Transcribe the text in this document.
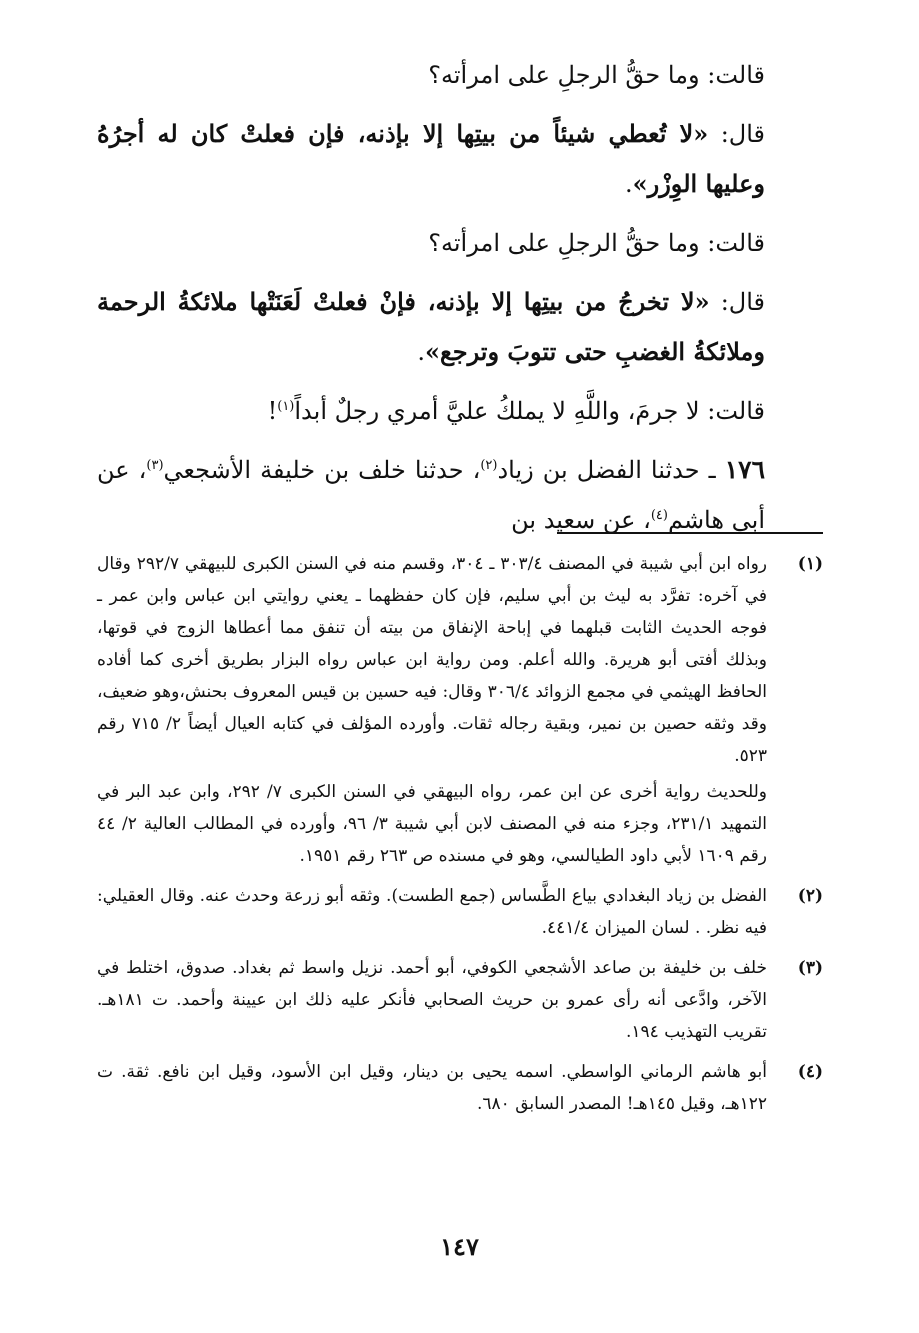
قالت: وما حقُّ الرجلِ على امرأته؟

قال: «لا تُعطي شيئاً من بيتِها إلا بإذنه، فإن فعلتْ كان له أجرُهُ وعليها الوِزْر».

قالت: وما حقُّ الرجلِ على امرأته؟

قال: «لا تخرجُ من بيتِها إلا بإذنه، فإنْ فعلتْ لَعَنَتْها ملائكةُ الرحمة وملائكةُ الغضبِ حتى تتوبَ وترجع».

قالت: لا جرمَ، واللَّهِ لا يملكُ عليَّ أمري رجلٌ أبداً$^{(١)}$!

١٧٦ ـ حدثنا الفضل بن زياد$^{(٢)}$، حدثنا خلف بن خليفة الأشجعي$^{(٣)}$، عن أبي هاشم$^{(٤)}$، عن سعيد بن

(١)

رواه ابن أبي شيبة في المصنف ٣٠٣/٤ ـ ٣٠٤، وقسم منه في السنن الكبرى للبيهقي ٢٩٢/٧ وقال في آخره: تفرَّد به ليث بن أبي سليم، فإن كان حفظهما ـ يعني روايتي ابن عباس وابن عمر ـ فوجه الحديث الثابت قبلهما في إباحة الإنفاق من بيته أن تنفق مما أعطاها الزوج في قوتها، وبذلك أفتى أبو هريرة. والله أعلم. ومن رواية ابن عباس رواه البزار بطريق أخرى كما أفاده الحافظ الهيثمي في مجمع الزوائد ٣٠٦/٤ وقال: فيه حسين بن قيس المعروف بحنش،وهو ضعيف، وقد وثقه حصين بن نمير، وبقية رجاله ثقات. وأورده المؤلف في كتابه العيال أيضاً ٢/ ٧١٥ رقم ٥٢٣.

وللحديث رواية أخرى عن ابن عمر، رواه البيهقي في السنن الكبرى ٧/ ٢٩٢، وابن عبد البر في التمهيد ٢٣١/١، وجزء منه في المصنف لابن أبي شيبة ٣/ ٩٦، وأورده في المطالب العالية ٢/ ٤٤ رقم ١٦٠٩ لأبي داود الطيالسي، وهو في مسنده ص ٢٦٣ رقم ١٩٥١.

(٢)

الفضل بن زياد البغدادي بياع الطَّساس (جمع الطست). وثقه أبو زرعة وحدث عنه. وقال العقيلي: فيه نظر. . لسان الميزان ٤٤١/٤.

(٣)

خلف بن خليفة بن صاعد الأشجعي الكوفي، أبو أحمد. نزيل واسط ثم بغداد. صدوق، اختلط في الآخر، وادَّعى أنه رأى عمرو بن حريث الصحابي فأنكر عليه ذلك ابن عيينة وأحمد. ت ١٨١هـ. تقريب التهذيب ١٩٤.

(٤)

أبو هاشم الرماني الواسطي. اسمه يحيى بن دينار، وقيل ابن الأسود، وقيل ابن نافع. ثقة. ت ١٢٢هـ، وقيل ١٤٥هـ! المصدر السابق ٦٨٠.

١٤٧
